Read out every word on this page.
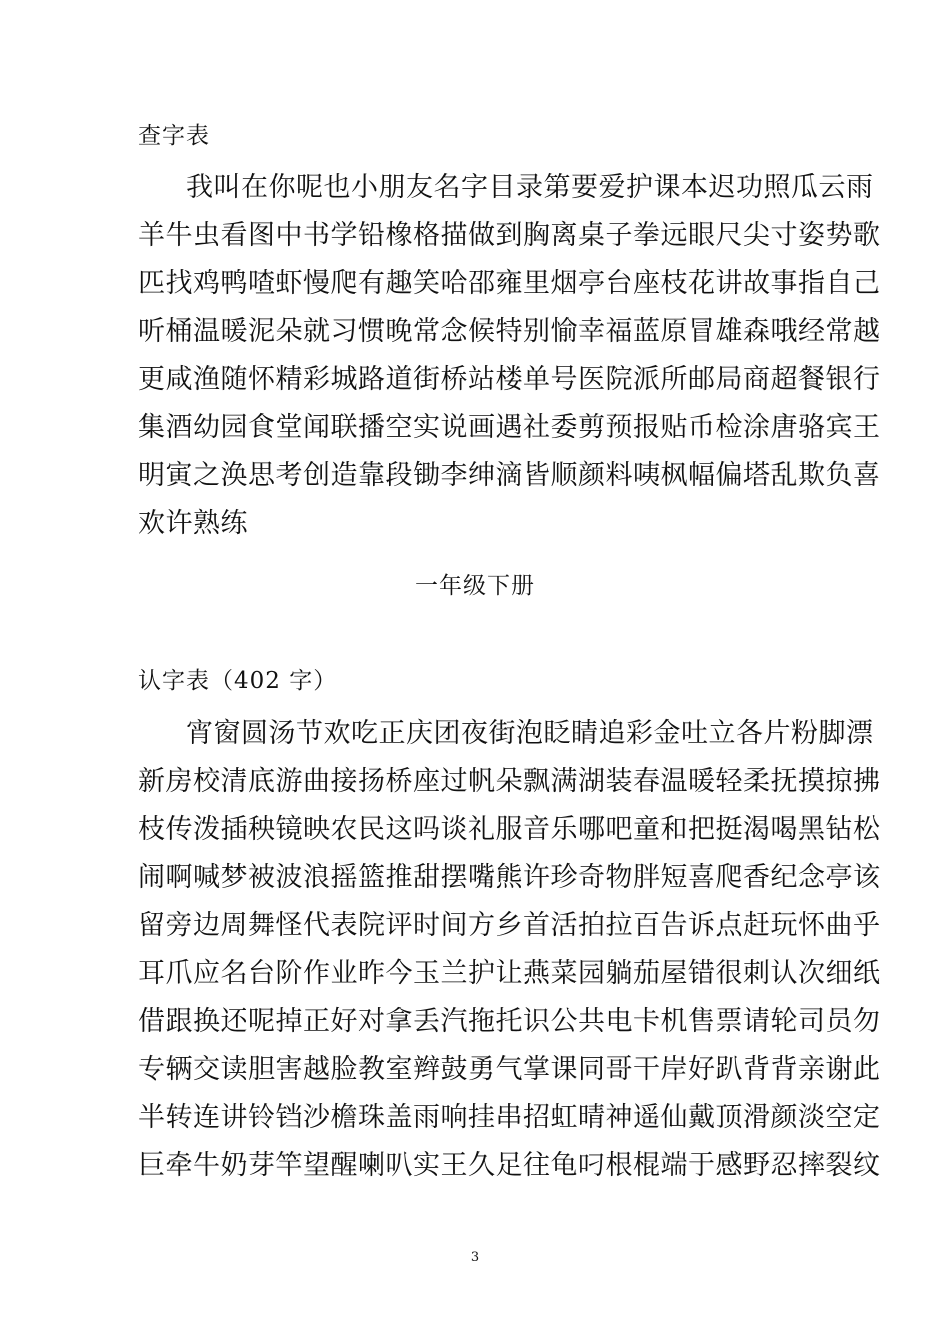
查字表
我叫在你呢也小朋友名字目录第要爱护课本迟功照瓜云雨
羊牛虫看图中书学铅橡格描做到胸离桌子拳远眼尺尖寸姿势歌
匹找鸡鸭喳虾慢爬有趣笑哈邵雍里烟亭台座枝花讲故事指自己
听桶温暖泥朵就习惯晚常念候特别愉幸福蓝原冒雄森哦经常越
更咸渔随怀精彩城路道街桥站楼单号医院派所邮局商超餐银行
集酒幼园食堂闻联播空实说画遇社委剪预报贴币检涂唐骆宾王
明寅之涣思考创造靠段锄李绅滴皆顺颜料咦枫幅偏塔乱欺负喜
欢许熟练
一年级下册
认字表（402 字）
宵窗圆汤节欢吃正庆团夜街泡眨睛追彩金吐立各片粉脚漂
新房校清底游曲接扬桥座过帆朵飘满湖装春温暖轻柔抚摸掠拂
枝传泼插秧镜映农民这吗谈礼服音乐哪吧童和把挺渴喝黑钻松
闹啊喊梦被波浪摇篮推甜摆嘴熊许珍奇物胖短喜爬香纪念亭该
留旁边周舞怪代表院评时间方乡首活拍拉百告诉点赶玩怀曲乎
耳爪应名台阶作业昨今玉兰护让燕菜园躺茄屋错很刺认次细纸
借跟换还呢掉正好对拿丢汽拖托识公共电卡机售票请轮司员勿
专辆交读胆害越脸教室辫鼓勇气掌课同哥干岸好趴背背亲谢此
半转连讲铃铛沙檐珠盖雨响挂串招虹晴神遥仙戴顶滑颜淡空定
巨牵牛奶芽竿望醒喇叭实王久足往龟叼根棍端于感野忍摔裂纹
3
